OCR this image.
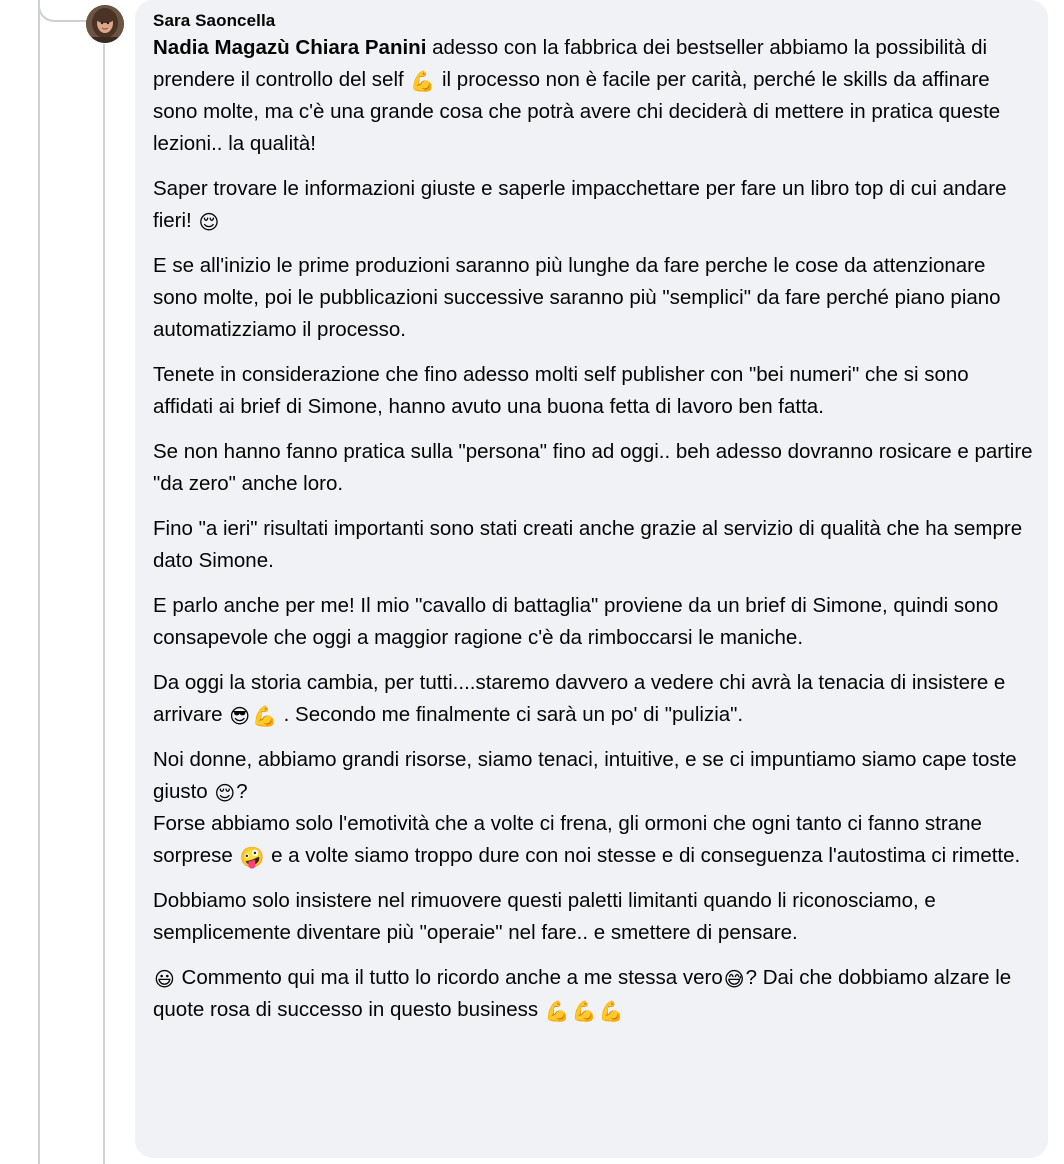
Sara Saoncella

Nadia Magazù Chiara Panini adesso con la fabbrica dei bestseller abbiamo la possibilità di prendere il controllo del self 💪 il processo non è facile per carità, perché le skills da affinare sono molte, ma c'è una grande cosa che potrà avere chi deciderà di mettere in pratica queste lezioni.. la qualità!

Saper trovare le informazioni giuste e saperle impacchettare per fare un libro top di cui andare fieri! 😌

E se all'inizio le prime produzioni saranno più lunghe da fare perche le cose da attenzionare sono molte, poi le pubblicazioni successive saranno più "semplici" da fare perché piano piano automatizziamo il processo.

Tenete in considerazione che fino adesso molti self publisher con "bei numeri" che si sono affidati ai brief di Simone, hanno avuto una buona fetta di lavoro ben fatta.

Se non hanno fanno pratica sulla "persona" fino ad oggi.. beh adesso dovranno rosicare e partire "da zero" anche loro.

Fino "a ieri" risultati importanti sono stati creati anche grazie al servizio di qualità che ha sempre dato Simone.

E parlo anche per me! Il mio "cavallo di battaglia" proviene da un brief di Simone, quindi sono consapevole che oggi a maggior ragione c'è da rimboccarsi le maniche.

Da oggi la storia cambia, per tutti....staremo davvero a vedere chi avrà la tenacia di insistere e arrivare 😎 💪 . Secondo me finalmente ci sarà un po' di "pulizia".

Noi donne, abbiamo grandi risorse, siamo tenaci, intuitive, e se ci impuntiamo siamo cape toste giusto 😌?
Forse abbiamo solo l'emotività che a volte ci frena, gli ormoni che ogni tanto ci fanno strane sorprese 🤪 e a volte siamo troppo dure con noi stesse e di conseguenza l'autostima ci rimette.

Dobbiamo solo insistere nel rimuovere questi paletti limitanti quando li riconosciamo, e semplicemente diventare più "operaie" nel fare.. e smettere di pensare.

😃 Commento qui ma il tutto lo ricordo anche a me stessa vero😅? Dai che dobbiamo alzare le quote rosa di successo in questo business 💪 💪 💪
